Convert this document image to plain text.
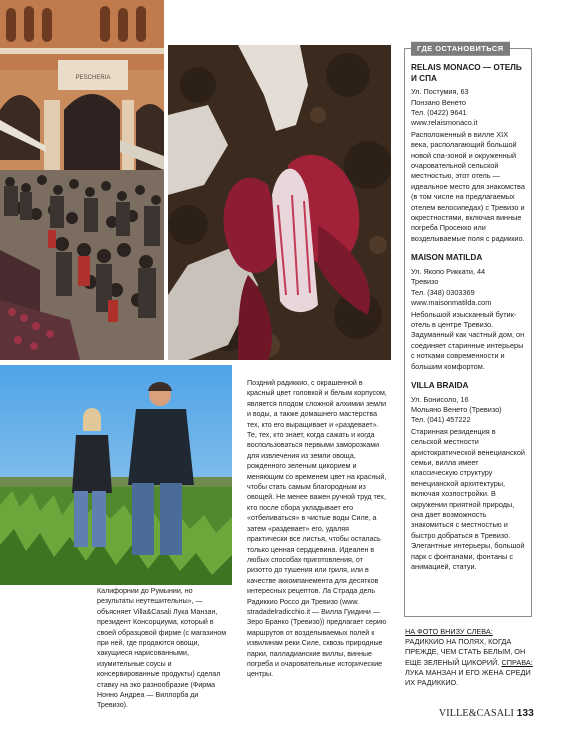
PESCHERIA

Калифорнии до Румынии, но результаты неутешительны», — объясняет Villa&Casali Лука Манзан, президент Консорциума, который в своей образцовой фирме (с магазином при ней, где продаются овощи, хакущиеся нарисованными, изумительные соусы и консервированные продукты) сделал ставку на эко разнообразие (Фирма Нонно Андреа — Виллорба ди Тревизо).

Поздний радиккио, с окрашенной в красный цвет головкой и белым корпусом, является плодом сложной алхимии земли и воды, а также домашнего мастерства тех, кто его выращивает и «раздевает». Те, тех, кто знает, когда сажать и когда воспользоваться первыми заморозками для извлечения из земли овоща, рожденного зеленым цикорием и меняющим со временем цвет на красный, чтобы стать самым благородным из овощей. Не менее важен ручной труд тех, кто после сбора укладывает его «отбеливаться» в чистые воды Силе, а затем «раздевает» его, удаляя практически все листья, чтобы осталась только ценная сердцевина. Идеален в любых способах приготовления, от ризотто до тушения или гриля, или в качестве аккомпанемента для десятков интересных рецептов. Ла Страда дель Радиккио Россо ди Тревизо (www. stradadelradicchio.it — Вилла Гуидини — Зеро Бранко (Тревизо)) предлагает серию маршрутов от возделываемых полей к извилинам реки Силе, сквозь природные парки, палладианские виллы, винные погреба и очаровательные исторические центры.

ГДЕ ОСТАНОВИТЬСЯ
RELAIS MONACO — ОТЕЛЬ И СПА

Ул. Постумия, 63

Понзано Венето

Тел. (0422) 9641

www.relaismonaco.it

Расположенный в вилле XIX века, располагающий большой новой спа-зоной и окруженный очаровательной сельской местностью, этот отель — идеальное место для знакомства (в том числе на предлагаемых отелем велосипедах) с Тревизо и окрестностями, включая винные погреба Просекко или возделываемые поля с радиккио.

MAISON MATILDA

Ул. Якопо Риккати, 44

Тревизо

Тел. (348) 0303369

www.maisonmatilda.com

Небольшой изысканный бутик-отель в центре Тревизо. Задуманный как частный дом, он соединяет старинные интерьеры с нотками современности и большим комфортом.

VILLA BRAIDA

Ул. Бонисоло, 16

Мольяно Венето (Тревизо)

Тел. (041) 457222

Старинная резиденция в сельской местности аристократической венецианской семьи, вилла имеет классическую структуру венецианской архитектуры, включая хозпостройки. В окружении приятной природы, она дает возможность знакомиться с местностью и быстро добраться в Тревизо. Элегантные интерьеры, большой парк с фонтанами, фонтаны с анимацией, статуи.

НА ФОТО ВНИЗУ СЛЕВА: РАДИККИО НА ПОЛЯХ, КОГДА ПРЕЖДЕ, ЧЕМ СТАТЬ БЕЛЫМ, ОН ЕЩЕ ЗЕЛЕНЫЙ ЦИКОРИЙ. СПРАВА: ЛУКА МАНЗАН И ЕГО ЖЕНА СРЕДИ ИХ РАДИККИО.
VILLE&CASALI 133
